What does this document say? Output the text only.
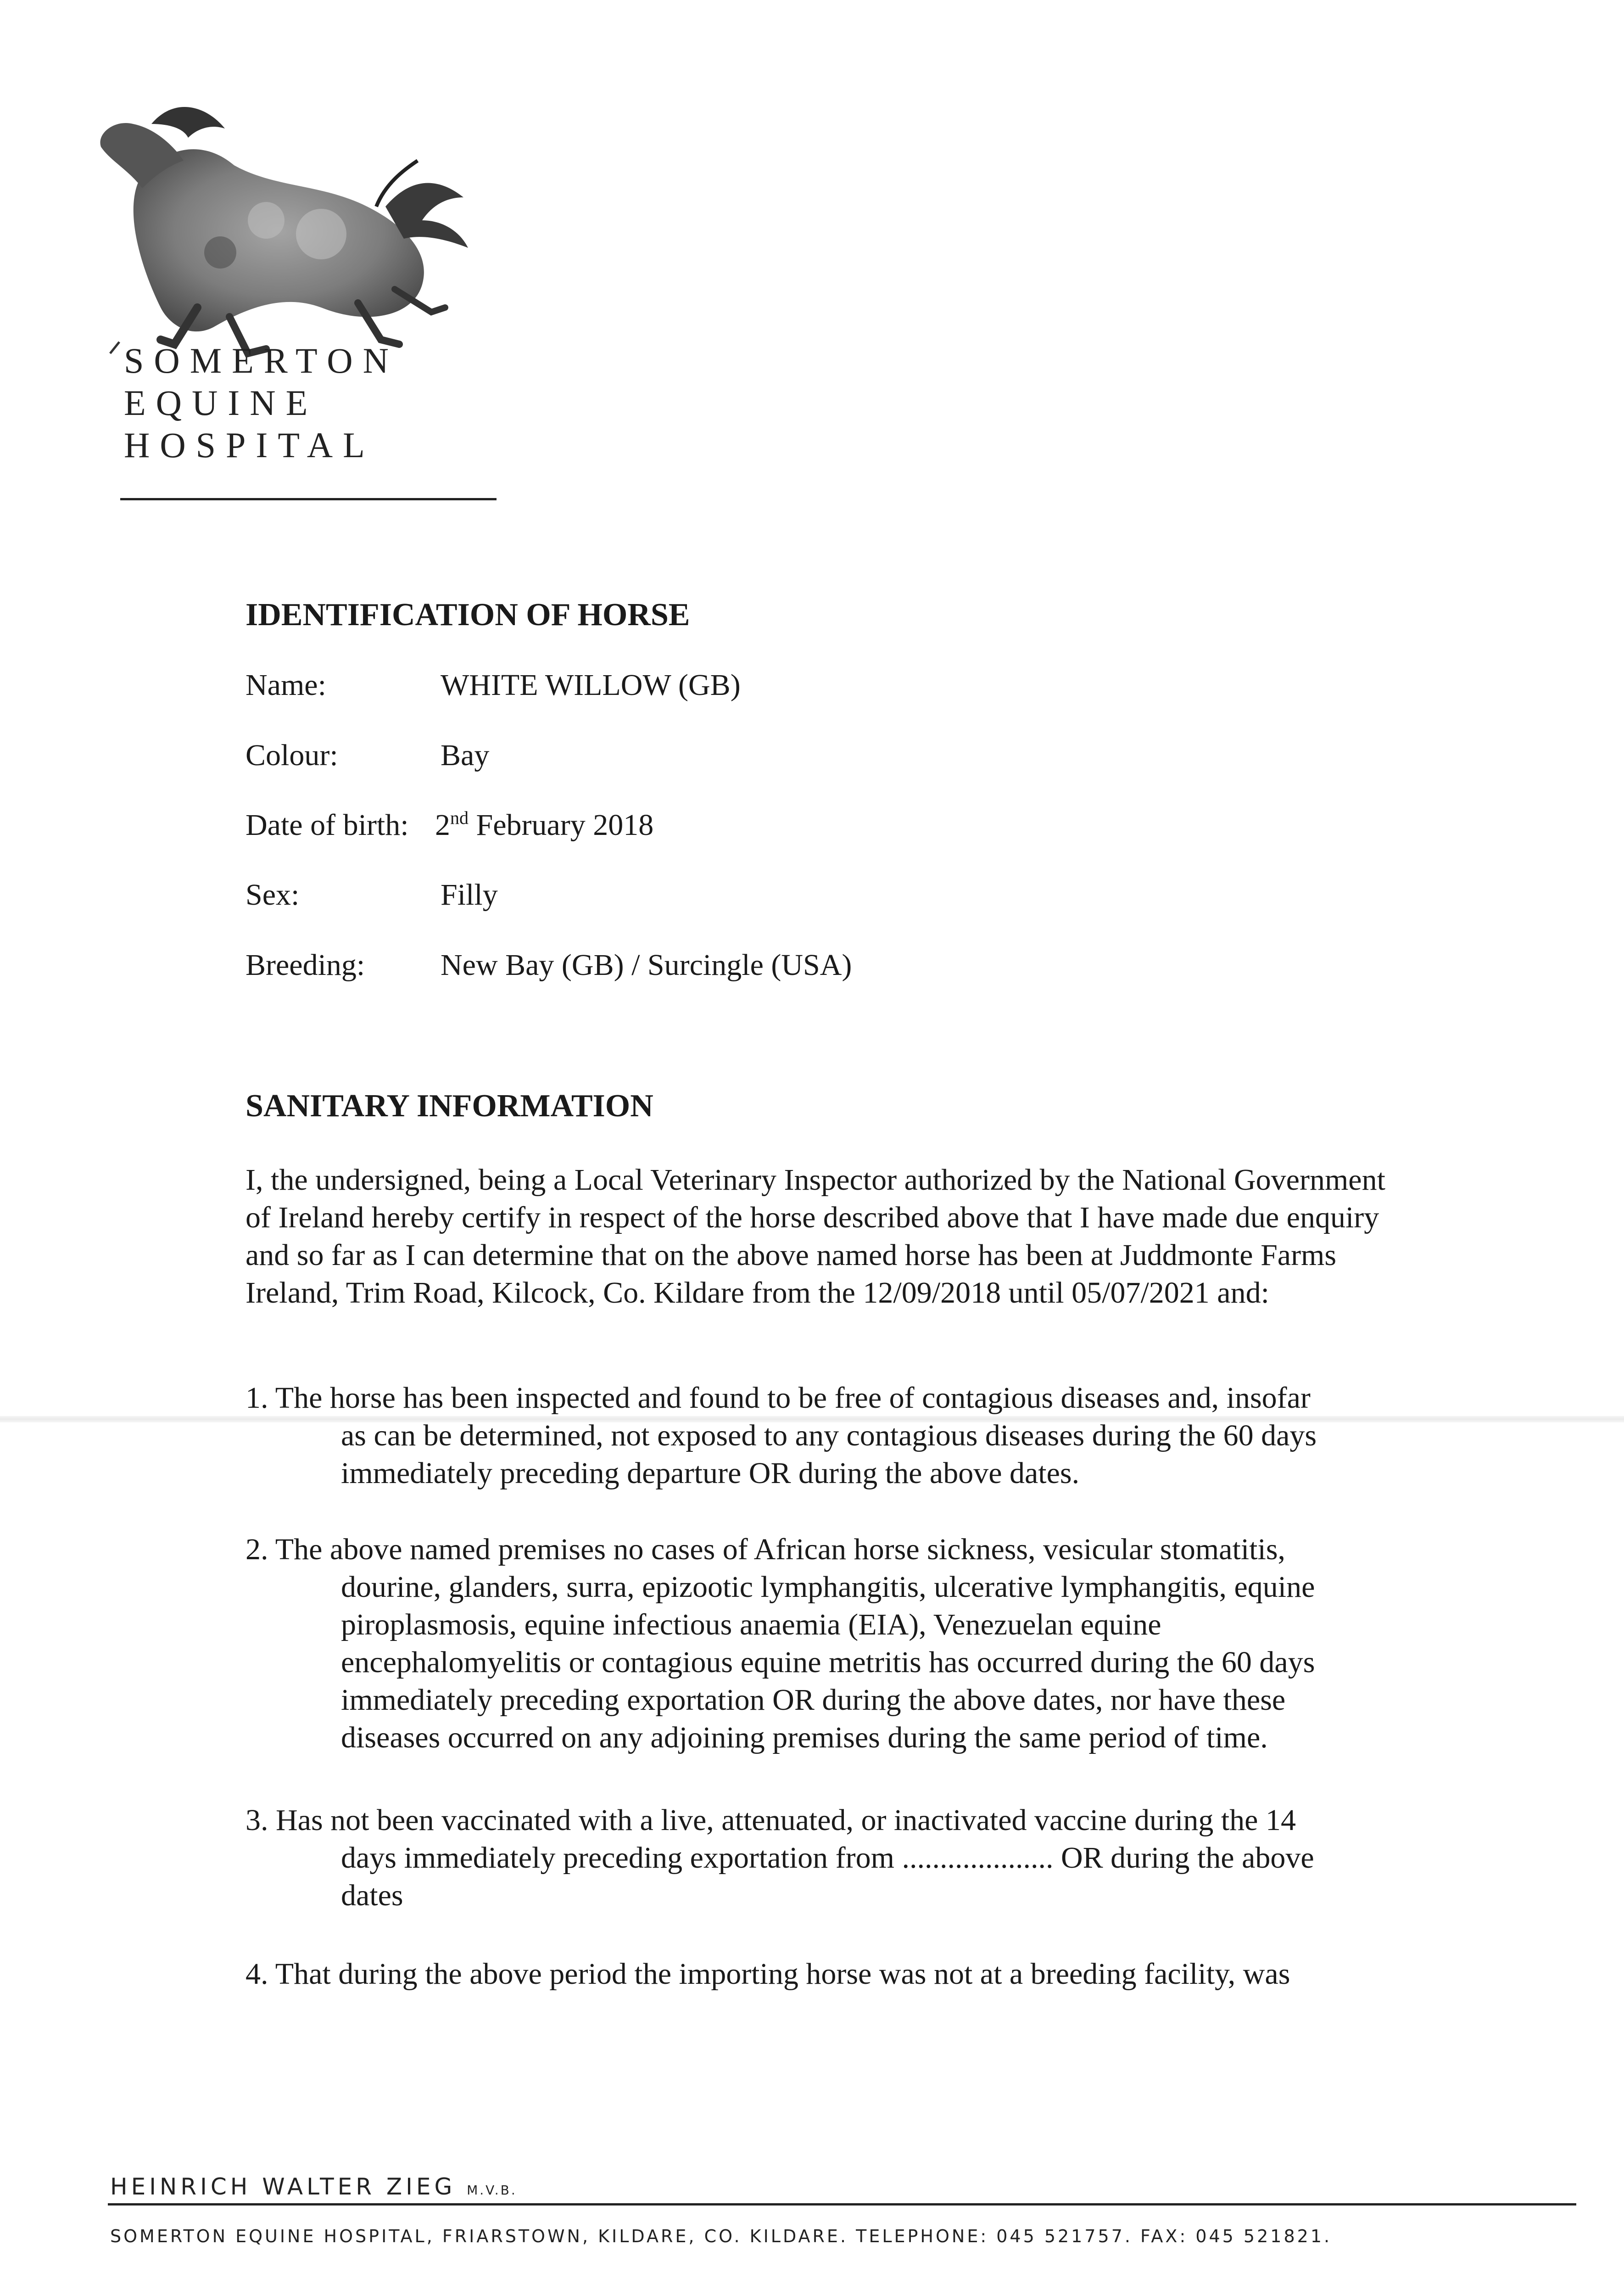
SOMERTON
EQUINE
HOSPITAL
IDENTIFICATION OF HORSE
Name:	WHITE WILLOW (GB)
Colour:	Bay
Date of birth: 2nd February 2018
Sex:	Filly
Breeding: New Bay (GB) / Surcingle (USA)
SANITARY INFORMATION
I, the undersigned, being a Local Veterinary Inspector authorized by the National Government of Ireland hereby certify in respect of the horse described above that I have made due enquiry and so far as I can determine that on the above named horse has been at Juddmonte Farms Ireland, Trim Road, Kilcock, Co. Kildare from the 12/09/2018 until 05/07/2021 and:
1. The horse has been inspected and found to be free of contagious diseases and, insofar
as can be determined, not exposed to any contagious diseases during the 60 days
immediately preceding departure OR during the above dates.
2. The above named premises no cases of African horse sickness, vesicular stomatitis,
dourine, glanders, surra, epizootic lymphangitis, ulcerative lymphangitis, equine
piroplasmosis, equine infectious anaemia (EIA), Venezuelan equine
encephalomyelitis or contagious equine metritis has occurred during the 60 days
immediately preceding exportation OR during the above dates, nor have these
diseases occurred on any adjoining premises during the same period of time.
3. Has not been vaccinated with a live, attenuated, or inactivated vaccine during the 14
days immediately preceding exportation from .................... OR during the above
dates
4. That during the above period the importing horse was not at a breeding facility, was
HEINRICH WALTER ZIEG M.V.B.
SOMERTON EQUINE HOSPITAL, FRIARSTOWN, KILDARE, CO. KILDARE. TELEPHONE: 045 521757. FAX: 045 521821.
